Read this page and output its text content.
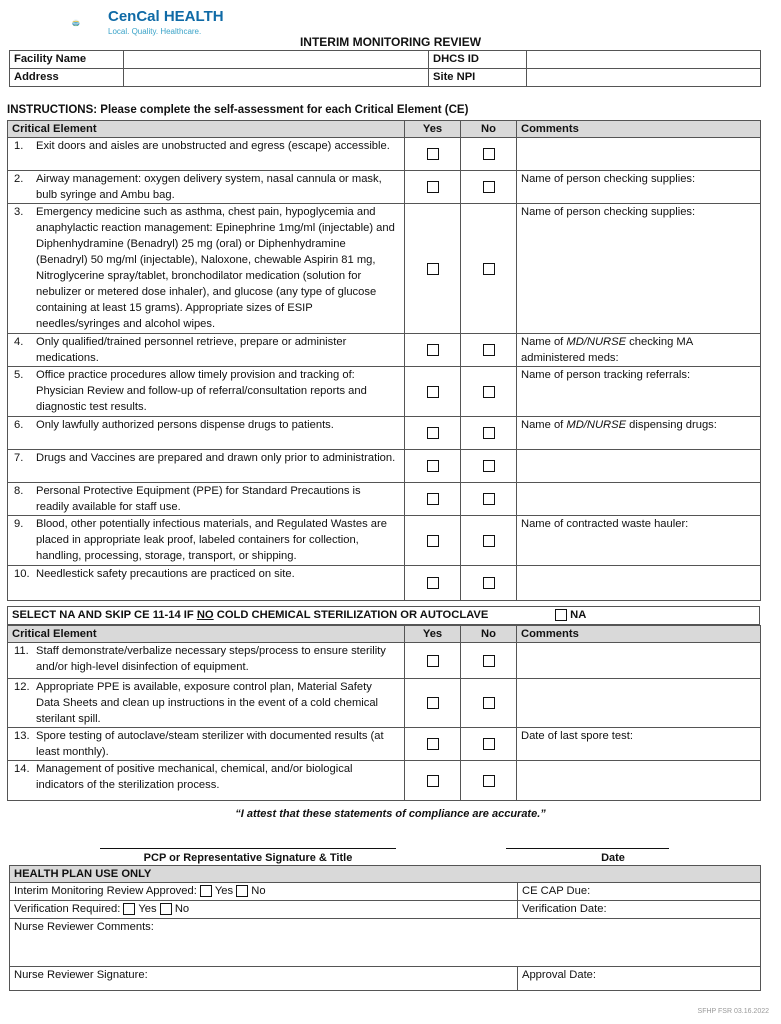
CenCal HEALTH
Local. Quality. Healthcare.
INTERIM MONITORING REVIEW
Facility Name		DHCS ID	
Address		Site NPI	
INSTRUCTIONS: Please complete the self-assessment for each Critical Element (CE)
Critical Element	Yes	No	Comments
1. Exit doors and aisles are unobstructed and egress (escape) accessible.			
2. Airway management: oxygen delivery system, nasal cannula or mask, bulb syringe and Ambu bag.			Name of person checking supplies:
3. Emergency medicine such as asthma, chest pain, hypoglycemia and anaphylactic reaction management: Epinephrine 1mg/ml (injectable) and Diphenhydramine (Benadryl) 25 mg (oral) or Diphenhydramine (Benadryl) 50 mg/ml (injectable), Naloxone, chewable Aspirin 81 mg, Nitroglycerine spray/tablet, bronchodilator medication (solution for nebulizer or metered dose inhaler), and glucose (any type of glucose containing at least 15 grams). Appropriate sizes of ESIP needles/syringes and alcohol wipes.			Name of person checking supplies:
4. Only qualified/trained personnel retrieve, prepare or administer medications.			Name of MD/NURSE checking MA administered meds:
5. Office practice procedures allow timely provision and tracking of: Physician Review and follow-up of referral/consultation reports and diagnostic test results.			Name of person tracking referrals:
6. Only lawfully authorized persons dispense drugs to patients.			Name of MD/NURSE dispensing drugs:
7. Drugs and Vaccines are prepared and drawn only prior to administration.			
8. Personal Protective Equipment (PPE) for Standard Precautions is readily available for staff use.			
9. Blood, other potentially infectious materials, and Regulated Wastes are placed in appropriate leak proof, labeled containers for collection, handling, processing, storage, transport, or shipping.			Name of contracted waste hauler:
10. Needlestick safety precautions are practiced on site.			
SELECT NA AND SKIP CE 11-14 IF NO COLD CHEMICAL STERILIZATION OR AUTOCLAVE	NA
Critical Element	Yes	No	Comments
11. Staff demonstrate/verbalize necessary steps/process to ensure sterility and/or high-level disinfection of equipment.			
12. Appropriate PPE is available, exposure control plan, Material Safety Data Sheets and clean up instructions in the event of a cold chemical sterilant spill.			
13. Spore testing of autoclave/steam sterilizer with documented results (at least monthly).			Date of last spore test:
14. Management of positive mechanical, chemical, and/or biological indicators of the sterilization process.			
“I attest that these statements of compliance are accurate.”
PCP or Representative Signature & Title	Date
HEALTH PLAN USE ONLY	
Interim Monitoring Review Approved: Yes No	CE CAP Due:
Verification Required: Yes No	Verification Date:
Nurse Reviewer Comments:	
Nurse Reviewer Signature:	Approval Date:
SFHP FSR 03.16.2022
